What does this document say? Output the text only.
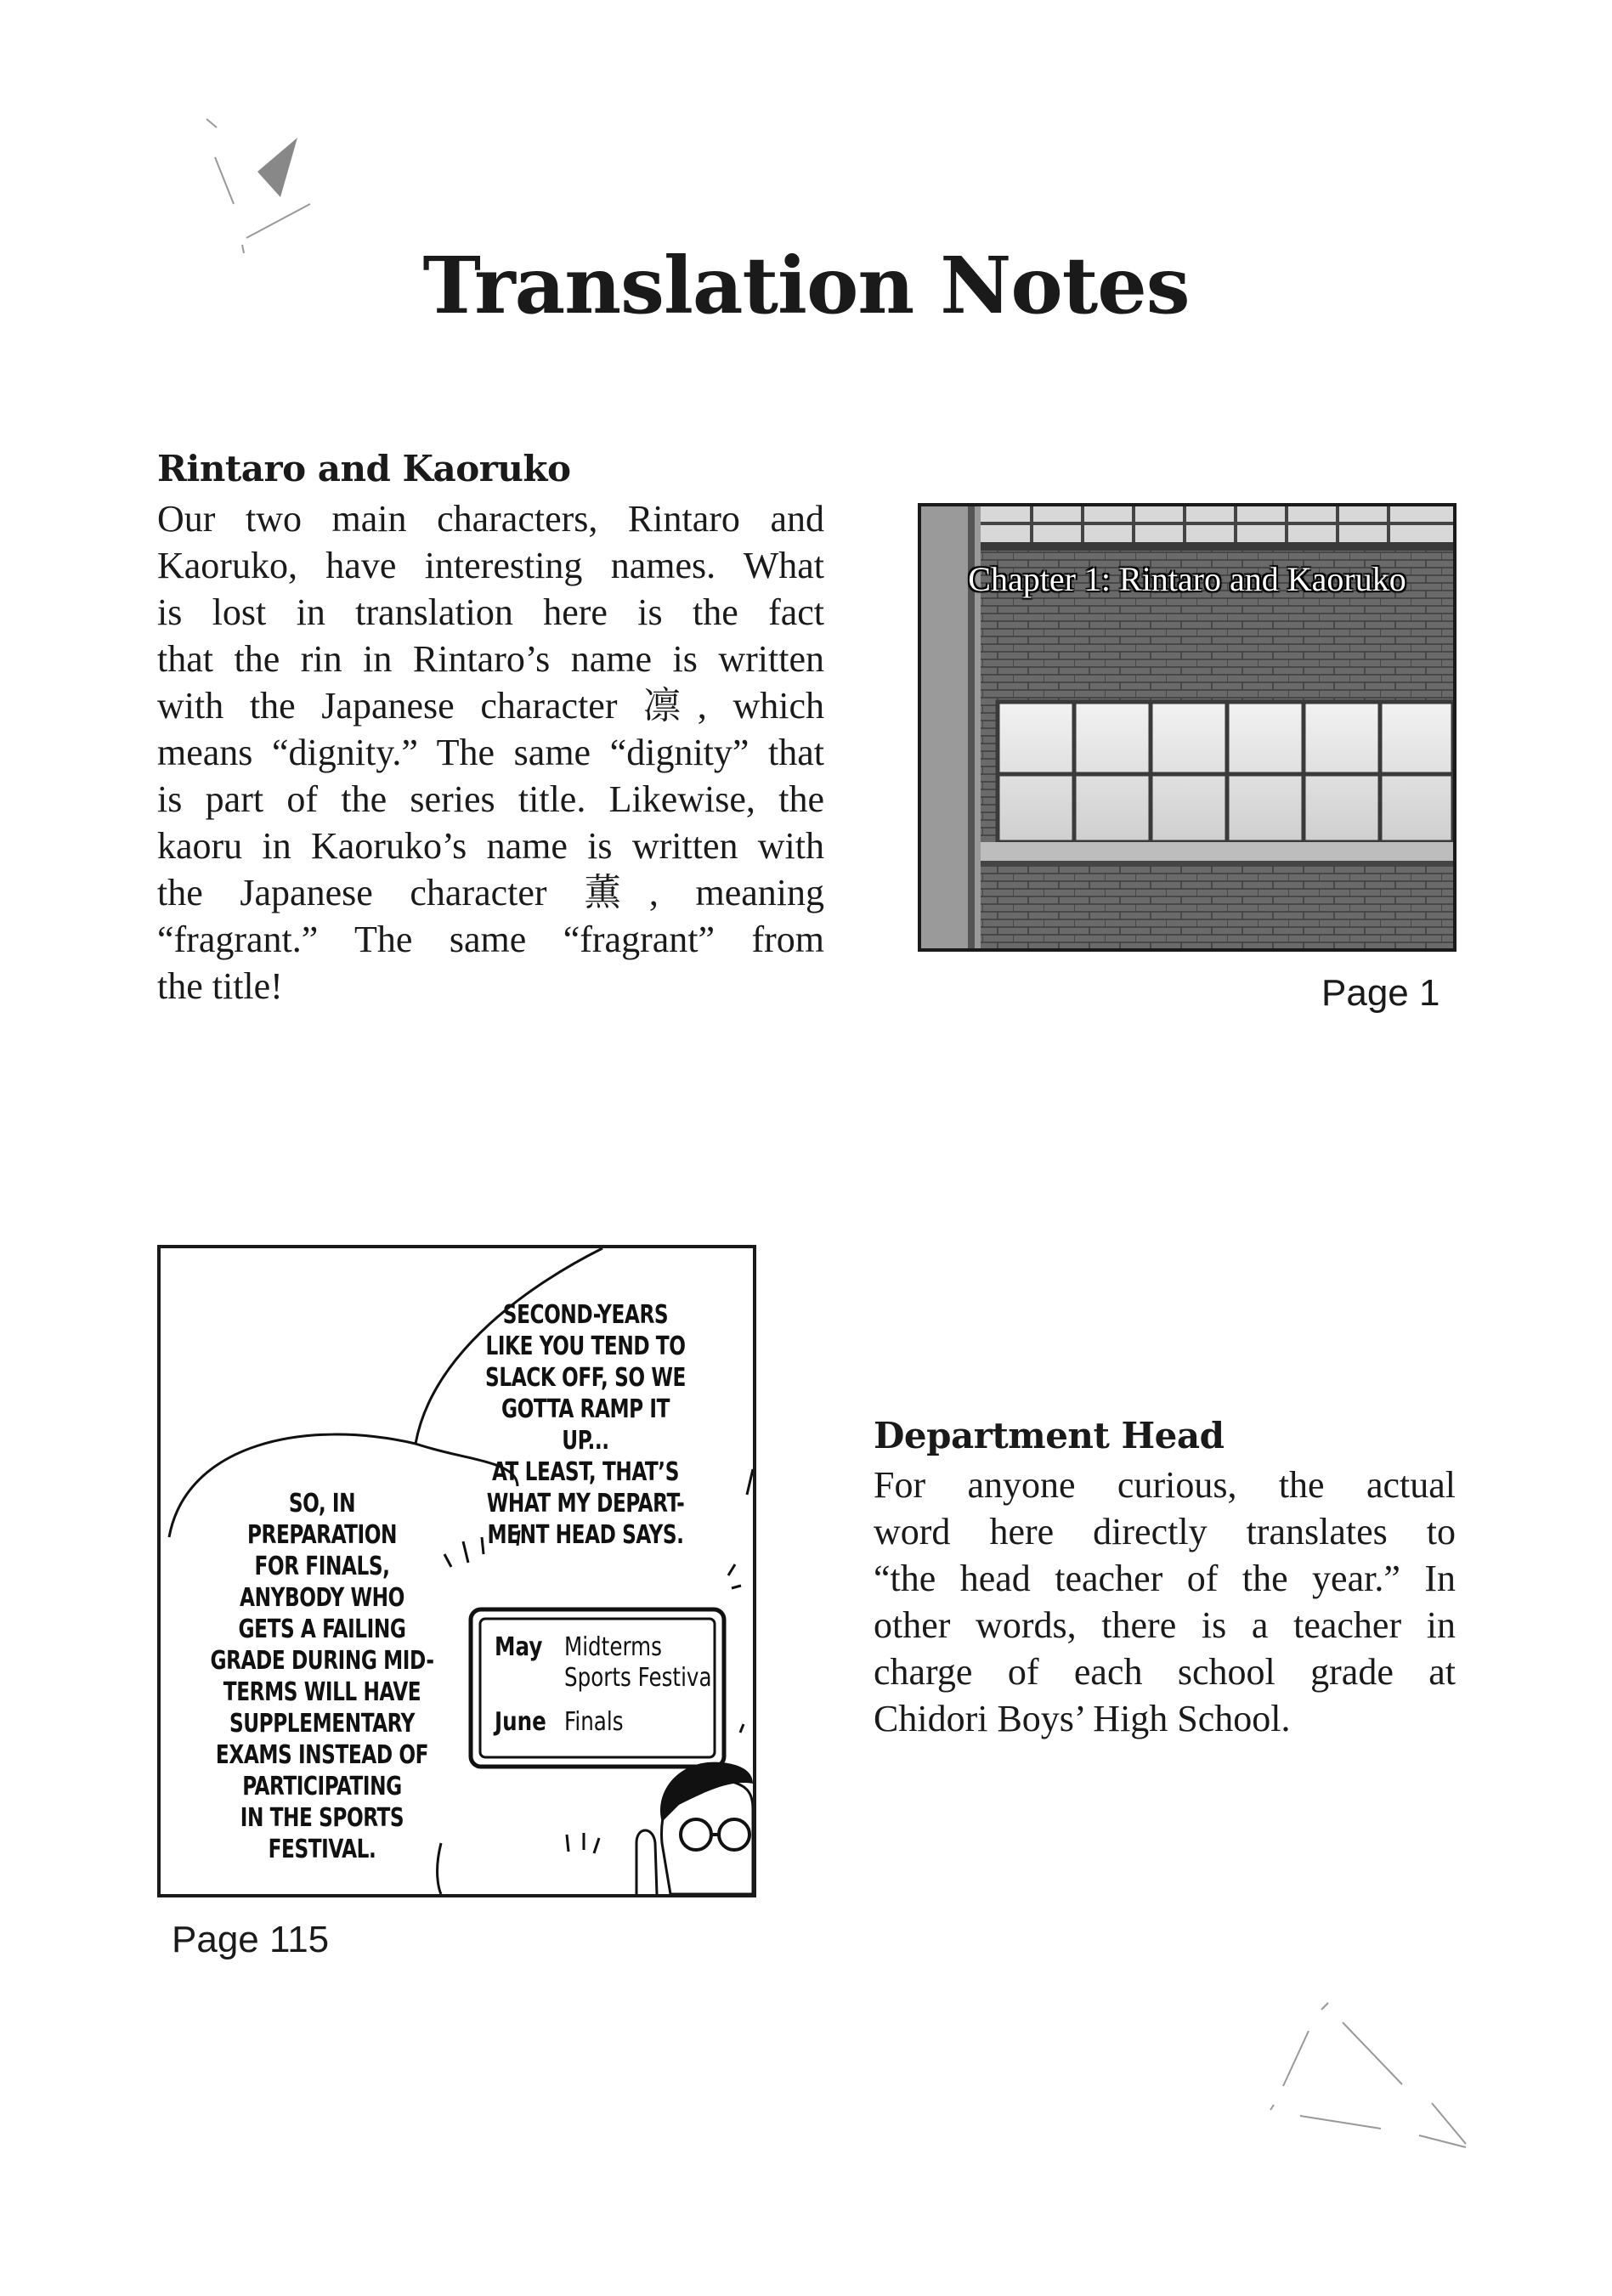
Translation Notes
Rintaro and Kaoruko
Our two main characters, Rintaro and
Kaoruko, have interesting names. What
is lost in translation here is the fact
that the rin in Rintaro’s name is written
with the Japanese character 凛, which
means “dignity.” The same “dignity” that
is part of the series title. Likewise, the
kaoru in Kaoruko’s name is written with
the Japanese character 薫, meaning
“fragrant.” The same “fragrant” from
the title!
Chapter 1: Rintaro and Kaoruko
Page 1
SECOND-YEARS
LIKE YOU TEND TO
SLACK OFF, SO WE
GOTTA RAMP IT UP...
AT LEAST, THAT’S
WHAT MY DEPART-
MENT HEAD SAYS.
SO, IN
PREPARATION
FOR FINALS,
ANYBODY WHO
GETS A FAILING
GRADE DURING MID-
TERMS WILL HAVE
SUPPLEMENTARY
EXAMS INSTEAD OF
PARTICIPATING
IN THE SPORTS
FESTIVAL.
May Midterms
Sports Festival
June Finals
Page 115
Department Head
For anyone curious, the actual
word here directly translates to
“the head teacher of the year.” In
other words, there is a teacher in
charge of each school grade at
Chidori Boys’ High School.
